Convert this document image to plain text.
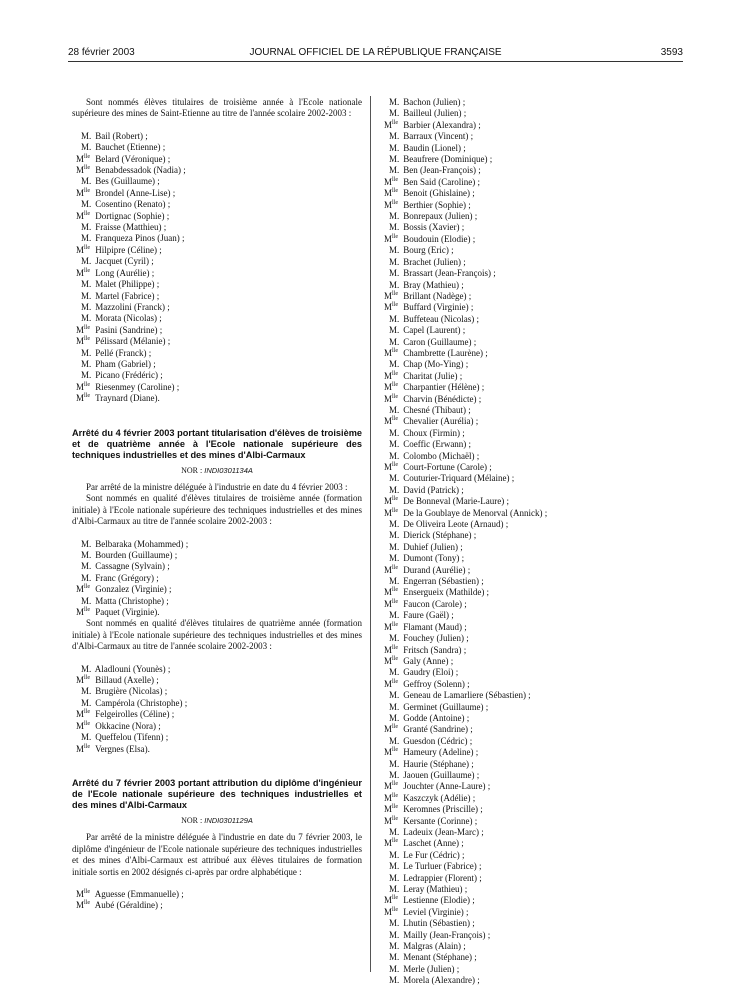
28 février 2003	JOURNAL OFFICIEL DE LA RÉPUBLIQUE FRANÇAISE	3593

Sont nommés élèves titulaires de troisième année à l'Ecole nationale supérieure des mines de Saint-Etienne au titre de l'année scolaire 2002-2003 :

M. Bail (Robert) ;
M. Bauchet (Etienne) ;
$M^{lle}$ Belard (Véronique) ;
$M^{lle}$ Benabdessadok (Nadia) ;
M. Bes (Guillaume) ;
$M^{lle}$ Brondel (Anne-Lise) ;
M. Cosentino (Renato) ;
$M^{lle}$ Dortignac (Sophie) ;
M. Fraisse (Matthieu) ;
M. Franqueza Pinos (Juan) ;
$M^{lle}$ Hilpipre (Céline) ;
M. Jacquet (Cyril) ;
$M^{lle}$ Long (Aurélie) ;
M. Malet (Philippe) ;
M. Martel (Fabrice) ;
M. Mazzolini (Franck) ;
M. Morata (Nicolas) ;
$M^{lle}$ Pasini (Sandrine) ;
$M^{lle}$ Pélissard (Mélanie) ;
M. Pellé (Franck) ;
M. Pham (Gabriel) ;
M. Picano (Frédéric) ;
$M^{lle}$ Riesenmey (Caroline) ;
$M^{lle}$ Traynard (Diane).

Arrêté du 4 février 2003 portant titularisation d'élèves de troisième et de quatrième année à l'Ecole nationale supérieure des techniques industrielles et des mines d'Albi-Carmaux

NOR : INDI0301134A

Par arrêté de la ministre déléguée à l'industrie en date du 4 février 2003 :

Sont nommés en qualité d'élèves titulaires de troisième année (formation initiale) à l'Ecole nationale supérieure des techniques industrielles et des mines d'Albi-Carmaux au titre de l'année scolaire 2002-2003 :

M. Belbaraka (Mohammed) ;
M. Bourden (Guillaume) ;
M. Cassagne (Sylvain) ;
M. Franc (Grégory) ;
$M^{lle}$ Gonzalez (Virginie) ;
M. Matta (Christophe) ;
$M^{lle}$ Paquet (Virginie).

Sont nommés en qualité d'élèves titulaires de quatrième année (formation initiale) à l'Ecole nationale supérieure des techniques industrielles et des mines d'Albi-Carmaux au titre de l'année scolaire 2002-2003 :

M. Aladlouni (Younès) ;
$M^{lle}$ Billaud (Axelle) ;
M. Brugière (Nicolas) ;
M. Campérola (Christophe) ;
$M^{lle}$ Felgeirolles (Céline) ;
$M^{lle}$ Okkacine (Nora) ;
M. Queffelou (Tifenn) ;
$M^{lle}$ Vergnes (Elsa).

Arrêté du 7 février 2003 portant attribution du diplôme d'ingénieur de l'Ecole nationale supérieure des techniques industrielles et des mines d'Albi-Carmaux

NOR : INDI0301129A

Par arrêté de la ministre déléguée à l'industrie en date du 7 février 2003, le diplôme d'ingénieur de l'Ecole nationale supérieure des techniques industrielles et des mines d'Albi-Carmaux est attribué aux élèves titulaires de formation initiale sortis en 2002 désignés ci-après par ordre alphabétique :

$M^{lle}$ Aguesse (Emmanuelle) ;
$M^{lle}$ Aubé (Géraldine) ;
M. Bachon (Julien) ;
M. Bailleul (Julien) ;
$M^{lle}$ Barbier (Alexandra) ;
M. Barraux (Vincent) ;
M. Baudin (Lionel) ;
M. Beaufrere (Dominique) ;
M. Ben (Jean-François) ;
$M^{lle}$ Ben Said (Caroline) ;
$M^{lle}$ Benoit (Ghislaine) ;
$M^{lle}$ Berthier (Sophie) ;
M. Bonrepaux (Julien) ;
M. Bossis (Xavier) ;
$M^{lle}$ Boudouin (Elodie) ;
M. Bourg (Eric) ;
M. Brachet (Julien) ;
M. Brassart (Jean-François) ;
M. Bray (Mathieu) ;
$M^{lle}$ Brillant (Nadège) ;
$M^{lle}$ Buffard (Virginie) ;
M. Buffeteau (Nicolas) ;
M. Capel (Laurent) ;
M. Caron (Guillaume) ;
$M^{lle}$ Chambrette (Laurène) ;
M. Chap (Mo-Ying) ;
$M^{lle}$ Charitat (Julie) ;
$M^{lle}$ Charpantier (Hélène) ;
$M^{lle}$ Charvin (Bénédicte) ;
M. Chesné (Thibaut) ;
$M^{lle}$ Chevalier (Aurélia) ;
M. Choux (Firmin) ;
M. Coeffic (Erwann) ;
M. Colombo (Michaël) ;
$M^{lle}$ Court-Fortune (Carole) ;
M. Couturier-Triquard (Mélaine) ;
M. David (Patrick) ;
$M^{lle}$ De Bonneval (Marie-Laure) ;
$M^{lle}$ De la Goublaye de Menorval (Annick) ;
M. De Oliveira Leote (Arnaud) ;
M. Dierick (Stéphane) ;
M. Duhief (Julien) ;
M. Dumont (Tony) ;
$M^{lle}$ Durand (Aurélie) ;
M. Engerran (Sébastien) ;
$M^{lle}$ Ensergueix (Mathilde) ;
$M^{lle}$ Faucon (Carole) ;
M. Faure (Gaël) ;
$M^{lle}$ Flamant (Maud) ;
M. Fouchey (Julien) ;
$M^{lle}$ Fritsch (Sandra) ;
$M^{lle}$ Galy (Anne) ;
M. Gaudry (Eloi) ;
$M^{lle}$ Geffroy (Solenn) ;
M. Geneau de Lamarliere (Sébastien) ;
M. Germinet (Guillaume) ;
M. Godde (Antoine) ;
$M^{lle}$ Granté (Sandrine) ;
M. Guesdon (Cédric) ;
$M^{lle}$ Hameury (Adeline) ;
M. Haurie (Stéphane) ;
M. Jaouen (Guillaume) ;
$M^{lle}$ Jouchter (Anne-Laure) ;
$M^{lle}$ Kaszczyk (Adélie) ;
$M^{lle}$ Keromnes (Priscille) ;
$M^{lle}$ Kersante (Corinne) ;
M. Ladeuix (Jean-Marc) ;
$M^{lle}$ Laschet (Anne) ;
M. Le Fur (Cédric) ;
M. Le Turluer (Fabrice) ;
M. Ledrappier (Florent) ;
M. Leray (Mathieu) ;
$M^{lle}$ Lestienne (Elodie) ;
$M^{lle}$ Leviel (Virginie) ;
M. Lhutin (Sébastien) ;
M. Mailly (Jean-François) ;
M. Malgras (Alain) ;
M. Menant (Stéphane) ;
M. Merle (Julien) ;
M. Morela (Alexandre) ;
